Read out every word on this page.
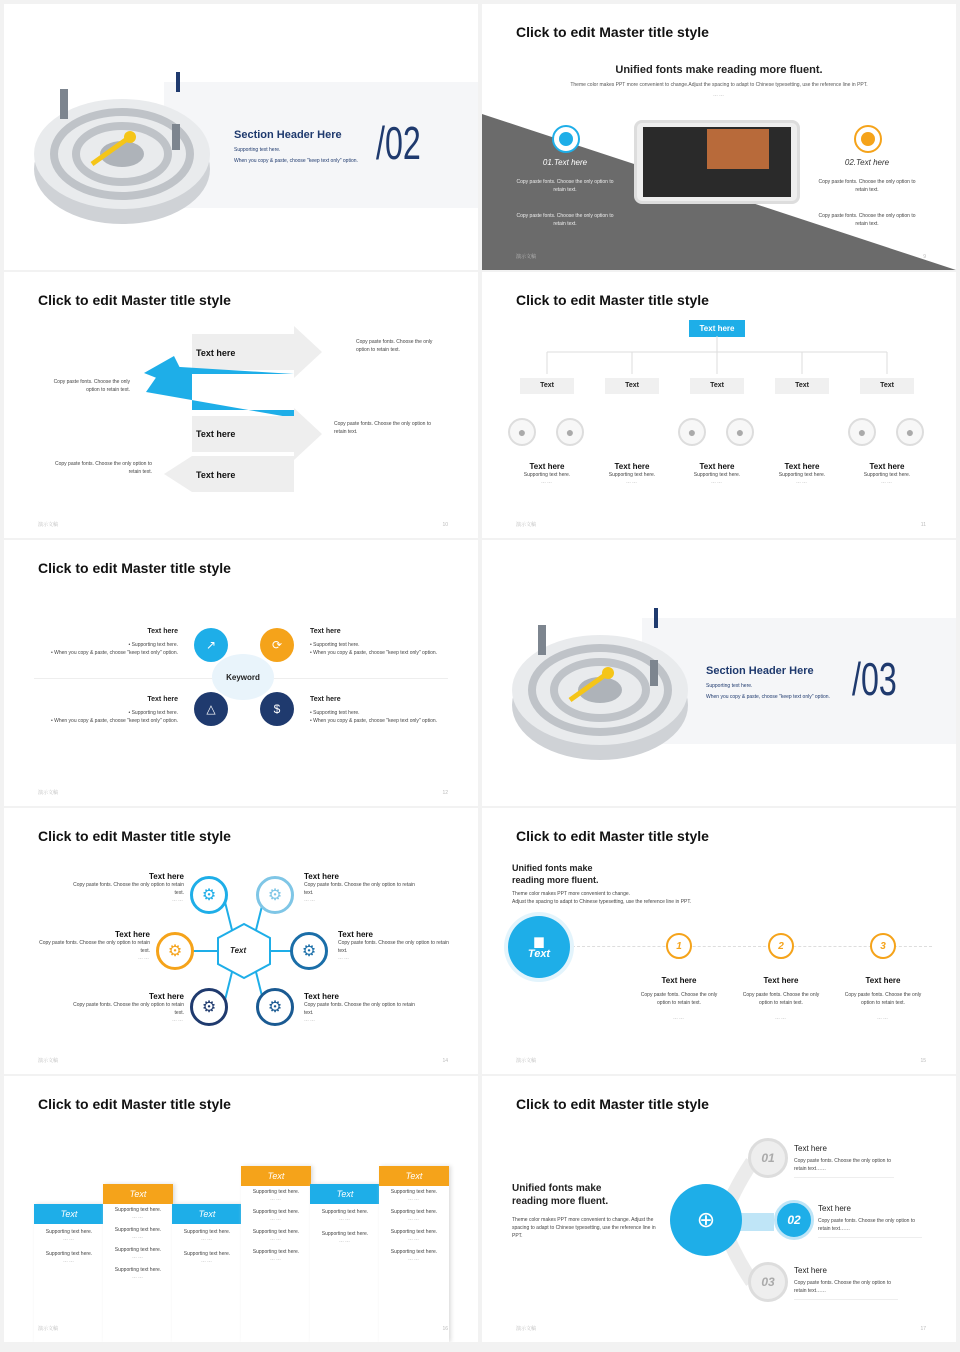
Section Header Here
Supporting text here.
When you copy & paste, choose "keep text only" option. /02
Click to edit Master title style
Unified fonts make reading more fluent.
Theme color makes PPT more convenient to change.Adjust the spacing to adapt to Chinese typesetting, use the reference line in PPT.
……
01.Text here
Copy paste fonts. Choose the only option to retain text.
Copy paste fonts. Choose the only option to retain text.
02.Text here
Copy paste fonts. Choose the only option to retain text.
Copy paste fonts. Choose the only option to retain text.
演示文稿	9
Click to edit Master title style
Text here
Text here
Text here
Text here
Copy paste fonts. Choose the only option to retain text.
Copy paste fonts. Choose the only option to retain text.
Copy paste fonts. Choose the only option to retain text.
Copy paste fonts. Choose the only option to retain text.
演示文稿	10
Click to edit Master title style
Text here
Text	Text	Text	Text	Text
●	●	●	●	●	●
Text here
Supporting text here.
……
Text here
Supporting text here.
……
Text here
Supporting text here.
……
Text here
Supporting text here.
……
Text here
Supporting text here.
……
演示文稿	11
Click to edit Master title style
Keyword
↗	⟳
△	$
Text here
• Supporting text here.
• When you copy & paste, choose "keep text only" option.
Text here
• Supporting text here.
• When you copy & paste, choose "keep text only" option.
Text here
• Supporting text here.
• When you copy & paste, choose "keep text only" option.
Text here
• Supporting text here.
• When you copy & paste, choose "keep text only" option.
演示文稿	12
Section Header Here
Supporting text here.
When you copy & paste, choose "keep text only" option. /03
Click to edit Master title style
Text
⚙	⚙
⚙	⚙
⚙	⚙
Text here
Copy paste fonts. Choose the only option to retain text.
……
Text here
Copy paste fonts. Choose the only option to retain text.
……
Text here
Copy paste fonts. Choose the only option to retain text.
……
Text here
Copy paste fonts. Choose the only option to retain text.
……
Text here
Copy paste fonts. Choose the only option to retain text.
……
Text here
Copy paste fonts. Choose the only option to retain text.
……
演示文稿	14
Click to edit Master title style
Unified fonts make reading more fluent.
Theme color makes PPT more convenient to change.
Adjust the spacing to adapt to Chinese typesetting, use the reference line in PPT.
▆
Text
1	2	3
Text here
Copy paste fonts. Choose the only option to retain text.
……
Text here
Copy paste fonts. Choose the only option to retain text.
……
Text here
Copy paste fonts. Choose the only option to retain text.
……
演示文稿	15
Click to edit Master title style
Text
Supporting text here.
……
Supporting text here.
……
Text
Supporting text here.
……
Supporting text here.
……
Supporting text here.
……
Supporting text here.
……
Text
Supporting text here.
……
Supporting text here.
……
Text
Supporting text here.
……
Supporting text here.
……
Supporting text here.
……
Supporting text here.
……
Text
Supporting text here.
……
Supporting text here.
……
Text
Supporting text here.
……
Supporting text here.
……
Supporting text here.
……
Supporting text here.
……
演示文稿	16
Click to edit Master title style
Unified fonts make reading more fluent.
Theme color makes PPT more convenient to change. Adjust the spacing to adapt to Chinese typesetting, use the reference line in PPT.
⊕
01
02
03
Text here
Copy paste fonts. Choose the only option to retain text……
Text here
Copy paste fonts. Choose the only option to retain text……
Text here
Copy paste fonts. Choose the only option to retain text……
演示文稿	17
